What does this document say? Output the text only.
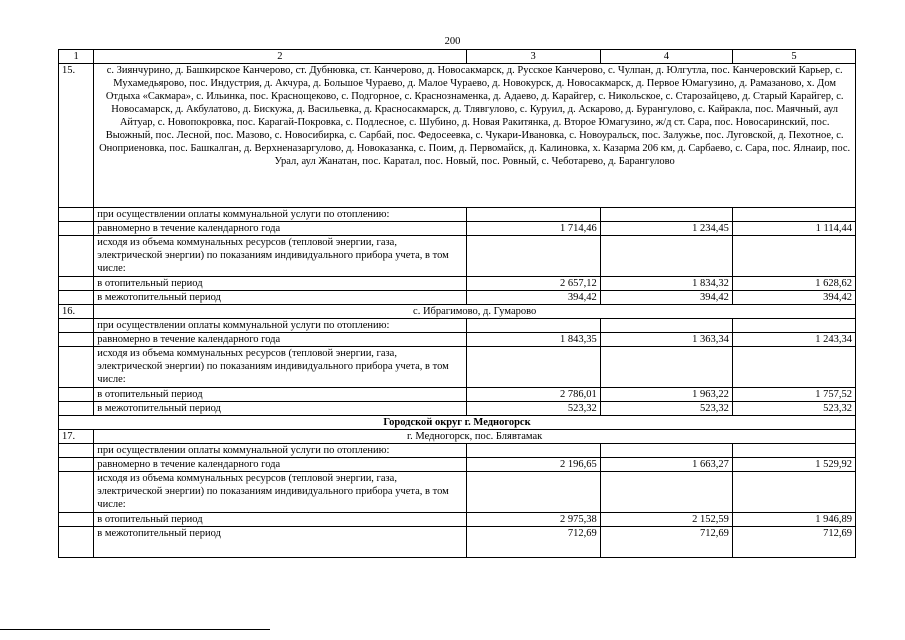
200
1	2	3	4	5
15.	с. Зиянчурино, д. Башкирское Канчерово, ст. Дубнювка, ст. Канчерово, д. Новосакмарск, д. Русское Канчерово, с. Чулпан, д. Юлгутла, пос. Канчеровский Карьер, с. Мухамедьярово, пос. Индустрия, д. Акчура, д. Большое Чураево, д. Малое Чураево, д. Новокурск, д. Новосакмарск, д. Первое Юмагузино, д. Рамазаново, х. Дом Отдыха «Сакмара», с. Ильинка, пос. Краснощеково, с. Подгорное, с. Краснознаменка, д. Адаево, д. Карайгер, с. Никольское, с. Старозайцево, д. Старый Карайгер, с. Новосамарск, д. Акбулатово, д. Бискужа, д. Васильевка, д. Красносакмарск, д. Тлявгулово, с. Куруил, д. Аскарово, д. Бурангулово, с. Кайракла, пос. Маячный, аул Айтуар, с. Новопокровка, пос. Карагай-Покровка, с. Подлесное, с. Шубино, д. Новая Ракитянка, д. Второе Юмагузино, ж/д ст. Сара, пос. Новосаринский, пос. Выожный, пос. Лесной, пос. Мазово, с. Новосибирка, с. Сарбай, пос. Федосеевка, с. Чукари-Ивановка, с. Новоуральск, пос. Залужье, пос. Луговской, д. Пехотное, с. Оноприеновка, пос. Башкалган, д. Верхненазаргулово, д. Новоказанка, с. Поим, д. Первомайск, д. Калиновка, х. Казарма 206 км, д. Сарбаево, с. Сара, пос. Ялнаир, пос. Урал, аул Жанатан, пос. Каратал, пос. Новый, пос. Ровный, с. Чеботарево, д. Барангулово			
	при осуществлении оплаты коммунальной услуги по отоплению:			
	равномерно в течение календарного года	1 714,46	1 234,45	1 114,44
	исходя из объема коммунальных ресурсов (тепловой энергии, газа, электрической энергии) по показаниям индивидуального прибора учета, в том числе:			
	в отопительный период	2 657,12	1 834,32	1 628,62
	в межотопительный период	394,42	394,42	394,42
16.	с. Ибрагимово, д. Гумарово			
	при осуществлении оплаты коммунальной услуги по отоплению:			
	равномерно в течение календарного года	1 843,35	1 363,34	1 243,34
	исходя из объема коммунальных ресурсов (тепловой энергии, газа, электрической энергии) по показаниям индивидуального прибора учета, в том числе:			
	в отопительный период	2 786,01	1 963,22	1 757,52
	в межотопительный период	523,32	523,32	523,32
Городской округ г. Медногорск				
17.	г. Медногорск, пос. Блявтамак			
	при осуществлении оплаты коммунальной услуги по отоплению:			
	равномерно в течение календарного года	2 196,65	1 663,27	1 529,92
	исходя из объема коммунальных ресурсов (тепловой энергии, газа, электрической энергии) по показаниям индивидуального прибора учета, в том числе:			
	в отопительный период	2 975,38	2 152,59	1 946,89
	в межотопительный период	712,69	712,69	712,69
